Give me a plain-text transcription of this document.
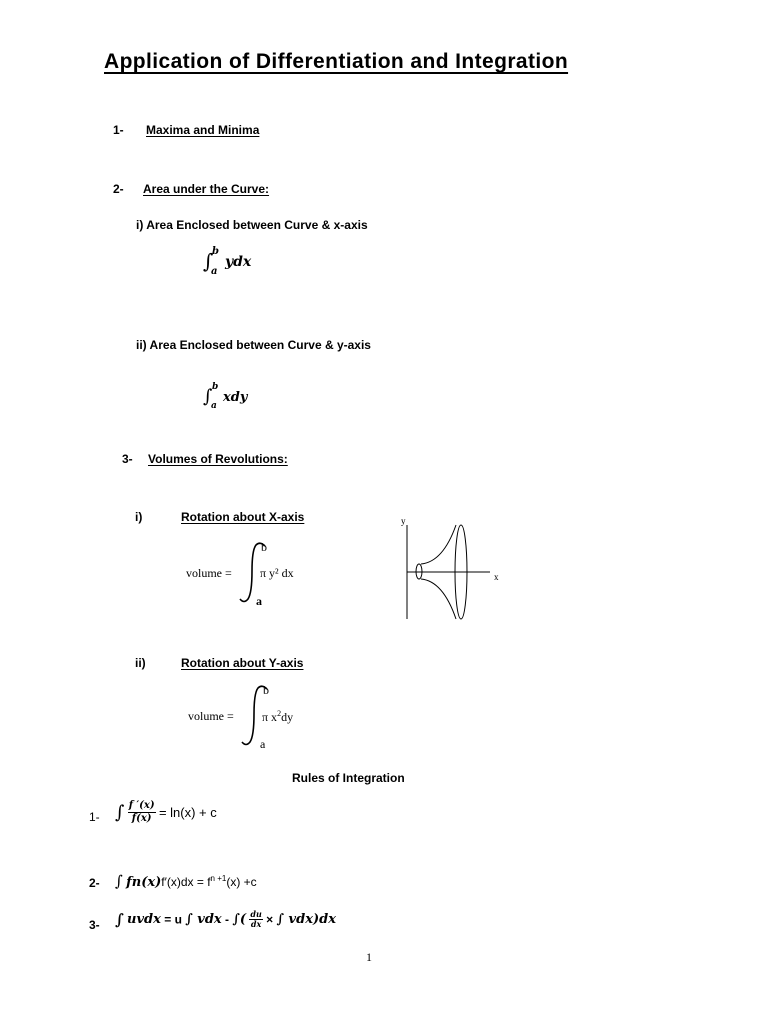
Application of Differentiation and Integration
1- Maxima and Minima
2- Area under the Curve:
i) Area Enclosed between Curve & x-axis
∫
b
a
ydx
ii) Area Enclosed between Curve & y-axis
∫ b
a
xdy
3- Volumes of Revolutions:
i)	Rotation about X-axis
volume =
b
a
π y² dx
y
x
ii)	Rotation about Y-axis
volume =
b
a
π $x^2dy$
Rules of Integration
1- ∫ $\frac{f '(x)}{f(x)} = \ln(x) + c$
2- ∫ $fn(x)f'(x)dx = f^{n +1}(x) +c$
3- ∫ uvdx = u ∫ vdx - ∫( $\frac{du}{dx}$ × ∫ vdx)dx
1
